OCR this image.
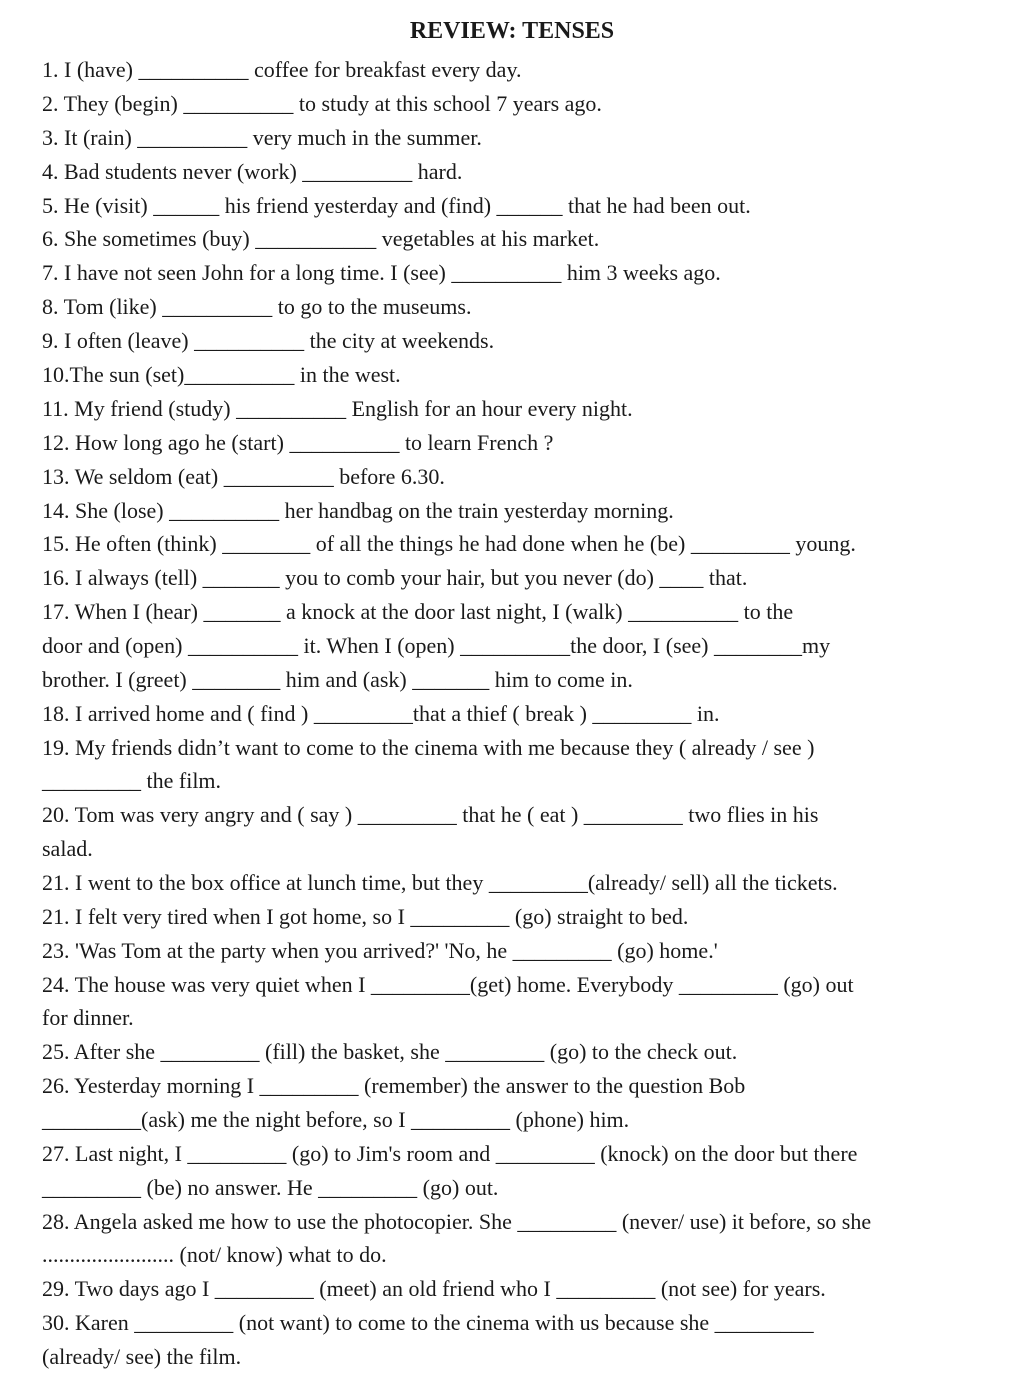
REVIEW: TENSES
1. I (have) __________ coffee for breakfast every day.
2. They (begin) __________ to study at this school 7 years ago.
3. It (rain) __________ very much in the summer.
4. Bad students never (work) __________ hard.
5. He (visit) ______ his friend yesterday and (find) ______ that he had been out.
6. She sometimes (buy) ___________ vegetables at his market.
7. I have not seen John for a long time. I (see) __________ him 3 weeks ago.
8. Tom (like) __________ to go to the museums.
9. I often (leave) __________ the city at weekends.
10.The sun (set)__________ in the west.
11. My friend (study) __________ English for an hour every night.
12. How long ago he (start) __________ to learn French ?
13. We seldom (eat) __________ before 6.30.
14. She (lose) __________ her handbag on the train yesterday morning.
15. He often (think) ________ of all the things he had done when he (be) _________ young.
16. I always (tell) _______ you to comb your hair, but you never (do) ____ that.
17. When I (hear) _______ a knock at the door last night, I (walk) __________ to the
door and (open) __________ it. When I (open) __________the door, I (see) ________my
brother. I (greet) ________ him and (ask) _______ him to come in.
18. I arrived home and ( find ) _________that a thief ( break ) _________ in.
19. My friends didn’t want to come to the cinema with me because they ( already / see )
_________ the film.
20. Tom was very angry and ( say ) _________ that he ( eat ) _________ two flies in his
salad.
21. I went to the box office at lunch time, but they _________(already/ sell) all the tickets.
21. I felt very tired when I got home, so I _________ (go) straight to bed.
23. 'Was Tom at the party when you arrived?' 'No, he _________ (go) home.'
24. The house was very quiet when I _________(get) home. Everybody _________ (go) out
for dinner.
25. After she _________ (fill) the basket, she _________ (go) to the check out.
26. Yesterday morning I _________ (remember) the answer to the question Bob
_________(ask) me the night before, so I _________ (phone) him.
27. Last night, I _________ (go) to Jim's room and _________ (knock) on the door but there
_________ (be) no answer. He _________ (go) out.
28. Angela asked me how to use the photocopier. She _________ (never/ use) it before, so she
........................ (not/ know) what to do.
29. Two days ago I _________ (meet) an old friend who I _________ (not see) for years.
30. Karen _________ (not want) to come to the cinema with us because she _________
(already/ see) the film.
